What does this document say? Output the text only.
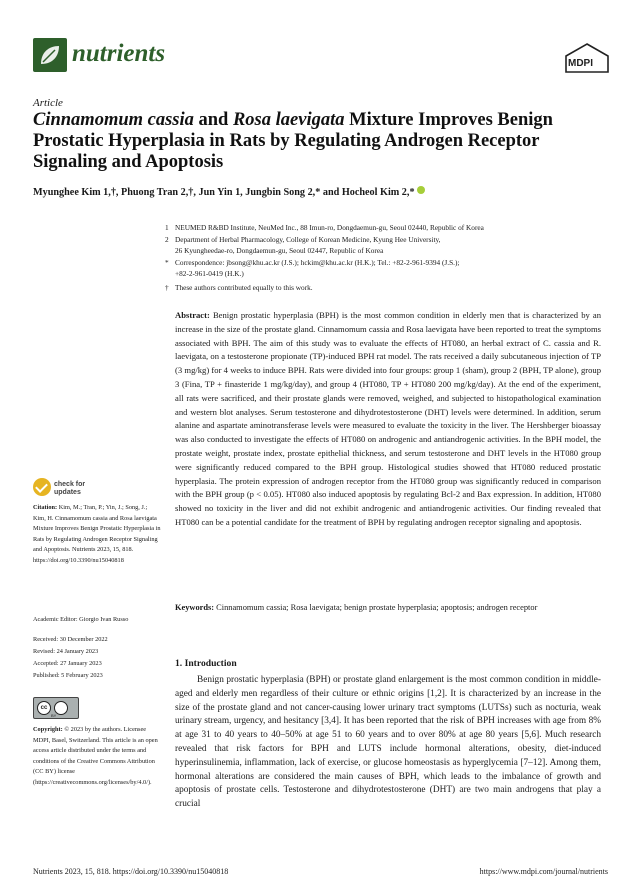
nutrients	MDPI
Article
Cinnamomum cassia and Rosa laevigata Mixture Improves Benign Prostatic Hyperplasia in Rats by Regulating Androgen Receptor Signaling and Apoptosis
Myunghee Kim 1,†, Phuong Tran 2,†, Jun Yin 1, Jungbin Song 2,* and Hocheol Kim 2,*
1 NEUMED R&BD Institute, NeuMed Inc., 88 Imun-ro, Dongdaemun-gu, Seoul 02440, Republic of Korea
2 Department of Herbal Pharmacology, College of Korean Medicine, Kyung Hee University,
26 Kyungheedae-ro, Dongdaemun-gu, Seoul 02447, Republic of Korea
* Correspondence: jbsong@khu.ac.kr (J.S.); hckim@khu.ac.kr (H.K.); Tel.: +82-2-961-9394 (J.S.);
+82-2-961-0419 (H.K.)
† These authors contributed equally to this work.
Abstract: Benign prostatic hyperplasia (BPH) is the most common condition in elderly men that is characterized by an increase in the size of the prostate gland. Cinnamomum cassia and Rosa laevigata have been reported to treat the symptoms associated with BPH. The aim of this study was to evaluate the effects of HT080, an herbal extract of C. cassia and R. laevigata, on a testosterone propionate (TP)-induced BPH rat model. The rats received a daily subcutaneous injection of TP (3 mg/kg) for 4 weeks to induce BPH. Rats were divided into four groups: group 1 (sham), group 2 (BPH, TP alone), group 3 (Fina, TP + finasteride 1 mg/kg/day), and group 4 (HT080, TP + HT080 200 mg/kg/day). At the end of the experiment, all rats were sacrificed, and their prostate glands were removed, weighed, and subjected to histopathological examination and western blot analyses. Serum testosterone and dihydrotestosterone (DHT) levels were determined. In addition, serum alanine and aspartate aminotransferase levels were measured to evaluate the toxicity in the liver. The Hershberger bioassay was also conducted to investigate the effects of HT080 on androgenic and antiandrogenic activities. In the BPH model, the prostate weight, prostate index, prostate epithelial thickness, and serum testosterone and DHT levels in the HT080 group were significantly reduced compared to the BPH group. Histological studies showed that HT080 reduced prostatic hyperplasia. The protein expression of androgen receptor from the HT080 group was significantly reduced in comparison with the BPH group (p < 0.05). HT080 also induced apoptosis by regulating Bcl-2 and Bax expression. In addition, HT080 showed no toxicity in the liver and did not exhibit androgenic and antiandrogenic activities. Our finding revealed that HT080 can be a potential candidate for the treatment of BPH by regulating androgen receptor signaling and apoptosis.
Keywords: Cinnamomum cassia; Rosa laevigata; benign prostate hyperplasia; apoptosis; androgen receptor
1. Introduction
Benign prostatic hyperplasia (BPH) or prostate gland enlargement is the most common condition in middle-aged and elderly men regardless of their culture or ethnic origins [1,2]. It is characterized by an increase in the size of the prostate gland and not cancer-causing lower urinary tract symptoms (LUTSs) such as nocturia, weak urinary stream, urgency, and hesitancy [3,4]. It has been reported that the risk of BPH increases with age from 8% at age 31 to 40 years to 40–50% at age 51 to 60 years and to over 80% at age 80 years [5,6]. Much research revealed that risk factors for BPH and LUTS include hormonal alterations, obesity, diet-induced hyperinsulinemia, inflammation, lack of exercise, or glucose homeostasis as hyperglycemia [7–12]. Among them, hormonal alterations are considered the main causes of BPH, which leads to the imbalance of growth and apoptosis of prostate cells. Testosterone and dihydrotestosterone (DHT) are two main androgens that play a crucial
check for
updates
Citation: Kim, M.; Tran, P.; Yin, J.; Song, J.; Kim, H. Cinnamomum cassia and Rosa laevigata Mixture Improves Benign Prostatic Hyperplasia in Rats by Regulating Androgen Receptor Signaling and Apoptosis. Nutrients 2023, 15, 818. https://doi.org/10.3390/nu15040818
Academic Editor: Giorgio Ivan Russo
Received: 30 December 2022
Revised: 24 January 2023
Accepted: 27 January 2023
Published: 5 February 2023
cc
BY
Copyright: © 2023 by the authors. Licensee MDPI, Basel, Switzerland. This article is an open access article distributed under the terms and conditions of the Creative Commons Attribution (CC BY) license (https://creativecommons.org/licenses/by/4.0/).
Nutrients 2023, 15, 818. https://doi.org/10.3390/nu15040818	https://www.mdpi.com/journal/nutrients
